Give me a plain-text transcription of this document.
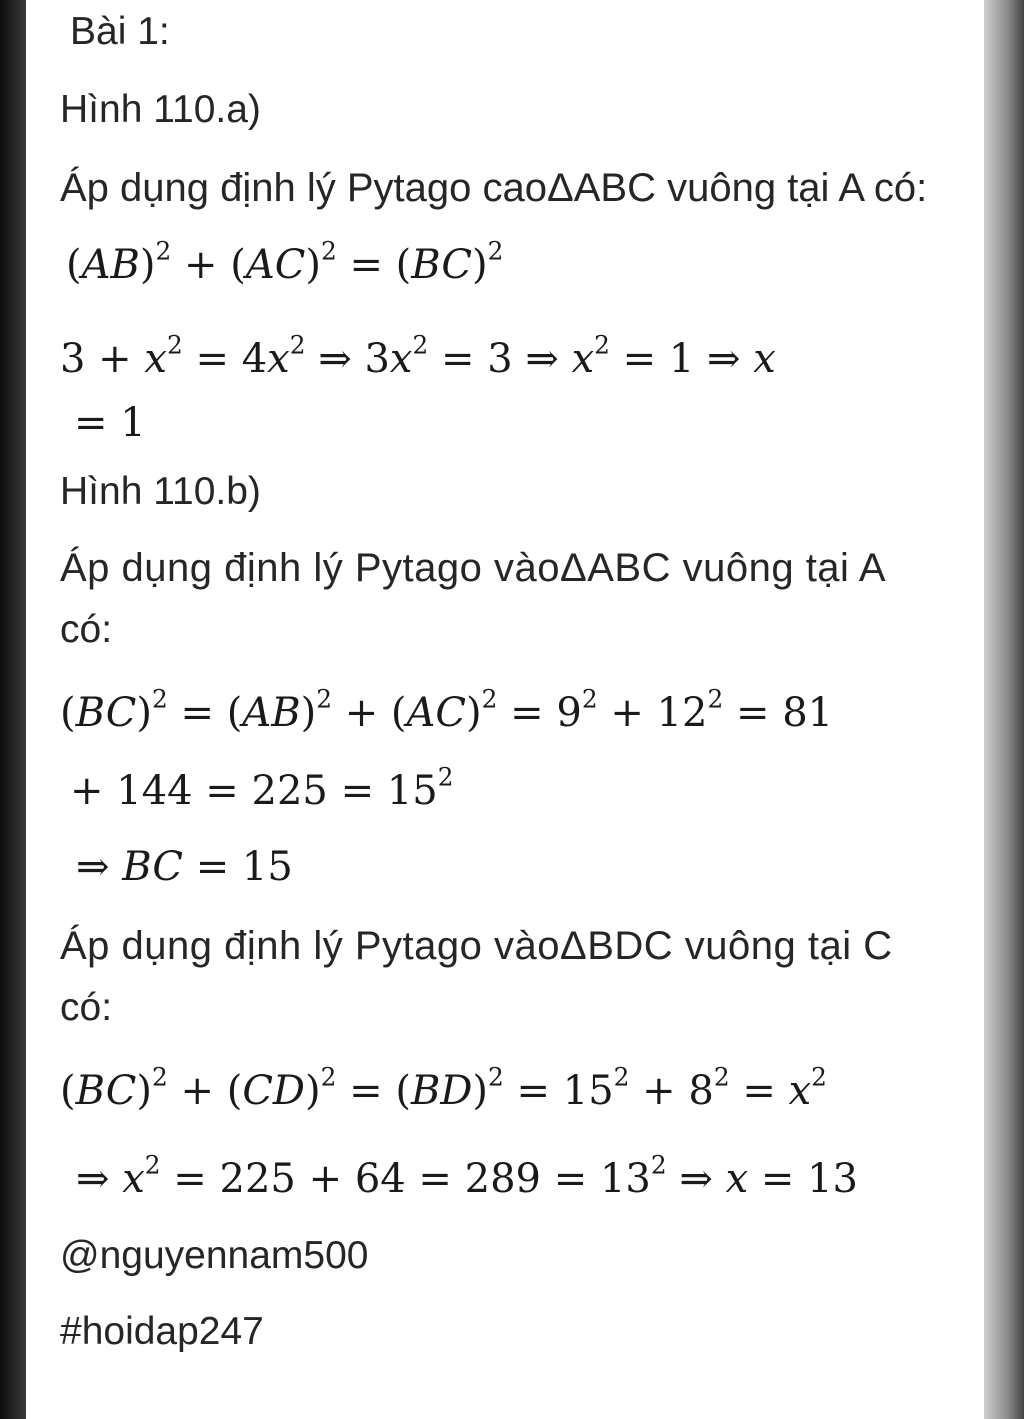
Bài 1:
Hình 110.a)
Áp dụng định lý Pytago caoΔABC vuông tại A có:
(AB)$^2$ + (AC)$^2$ = (BC)$^2$
$3 + x^2 = 4x^2$ ⇒ $3x^2 = 3$ ⇒ $x^2 = 1$ ⇒ x
= 1
Hình 110.b)
Áp dụng định lý Pytago vàoΔABC vuông tại A
có:
$(BC)^2 = (AB)^2 + (AC)^2 = 9^2 + 12^2 = 81$
+ $144 = 225 = 15^2$
⇒ BC = 15
Áp dụng định lý Pytago vàoΔBDC vuông tại C
có:
$(BC)^2 + (CD)^2 = (BD)^2 = 15^2 + 8^2 = x^2$
⇒ $x^2 = 225 + 64 = 289 = 13^2$ ⇒ x = 13
@nguyennam500
#hoidap247
